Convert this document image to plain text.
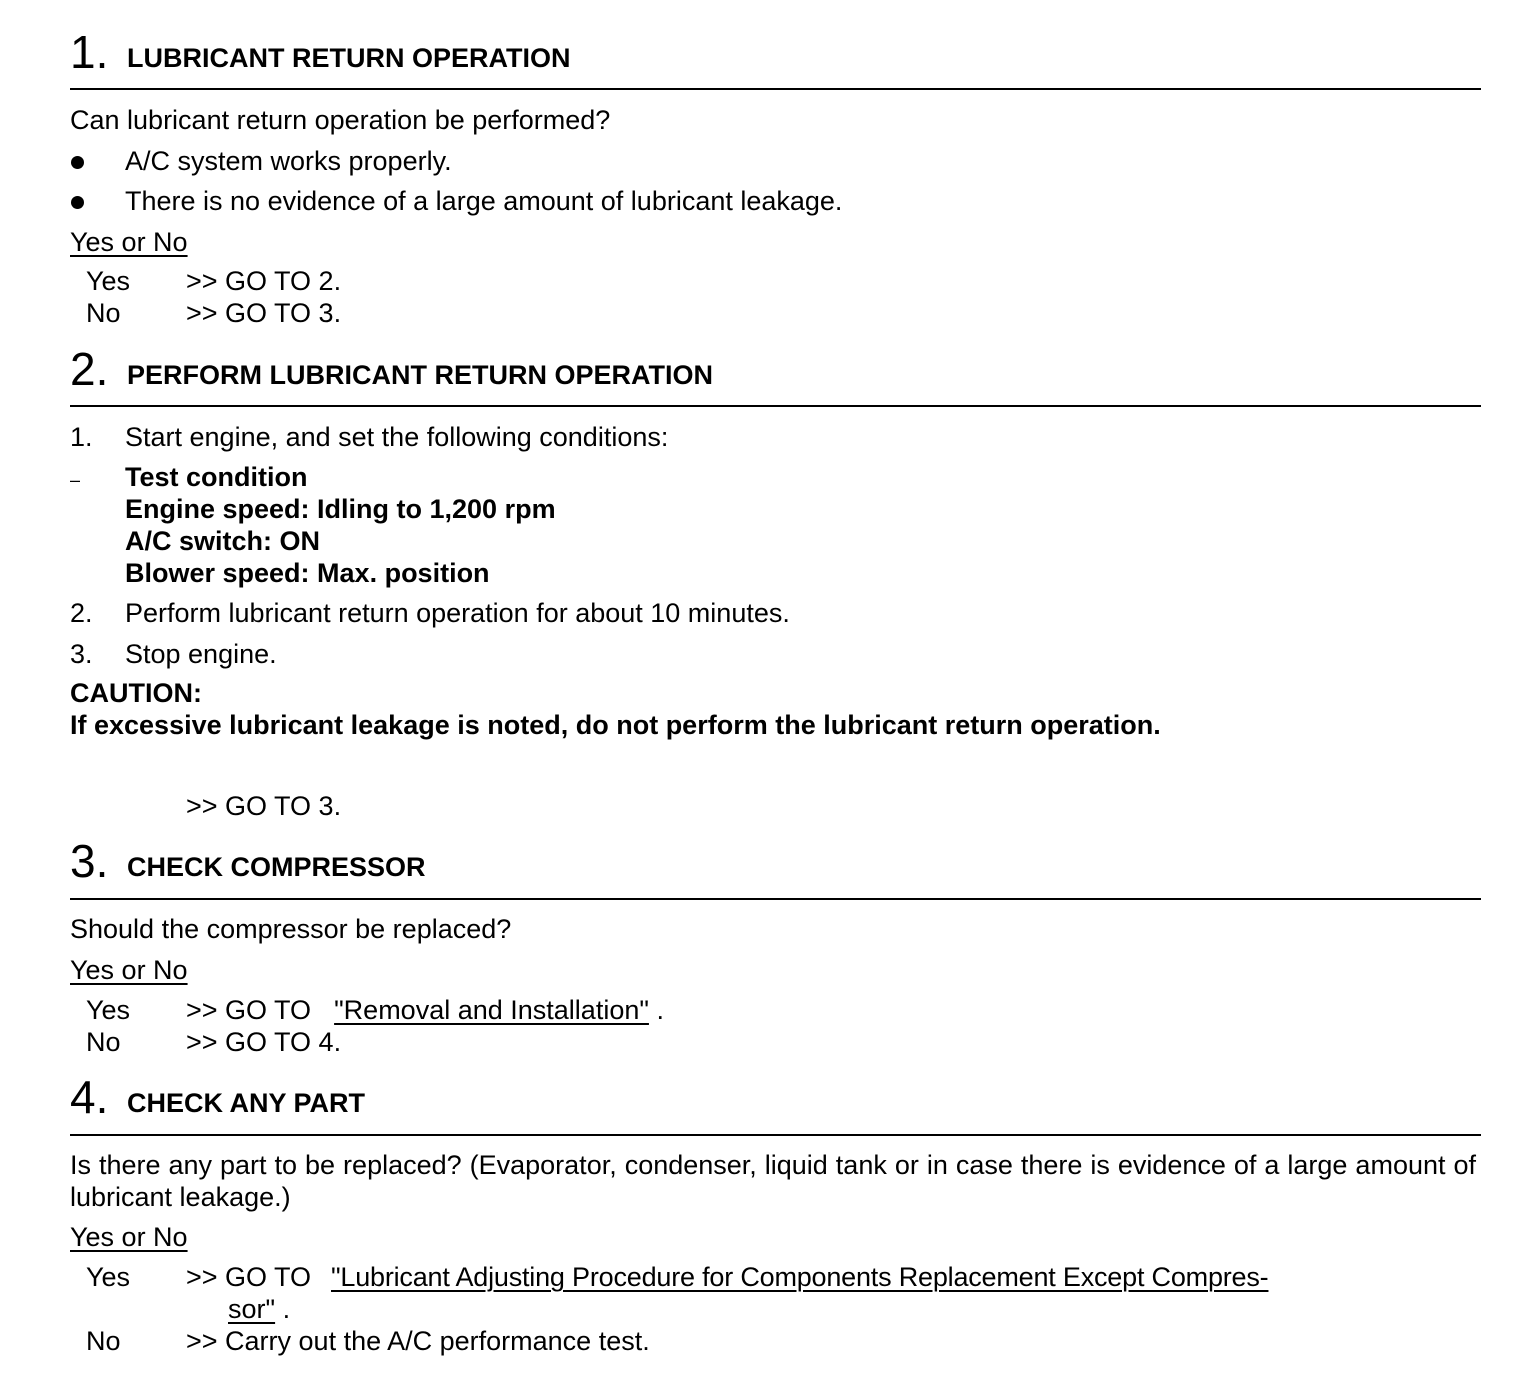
1. LUBRICANT RETURN OPERATION
Can lubricant return operation be performed?
A/C system works properly.
There is no evidence of a large amount of lubricant leakage.
Yes or No
Yes >> GO TO 2.
No >> GO TO 3.
2. PERFORM LUBRICANT RETURN OPERATION
1. Start engine, and set the following conditions:
– Test condition
Engine speed: Idling to 1,200 rpm
A/C switch: ON
Blower speed: Max. position
2. Perform lubricant return operation for about 10 minutes.
3. Stop engine.
CAUTION:
If excessive lubricant leakage is noted, do not perform the lubricant return operation.
>> GO TO 3.
3. CHECK COMPRESSOR
Should the compressor be replaced?
Yes or No
Yes >> GO TO "Removal and Installation" .
No >> GO TO 4.
4. CHECK ANY PART
Is there any part to be replaced? (Evaporator, condenser, liquid tank or in case there is evidence of a large amount of lubricant leakage.)
Yes or No
Yes >> GO TO "Lubricant Adjusting Procedure for Components Replacement Except Compres-
sor" .
No >> Carry out the A/C performance test.
